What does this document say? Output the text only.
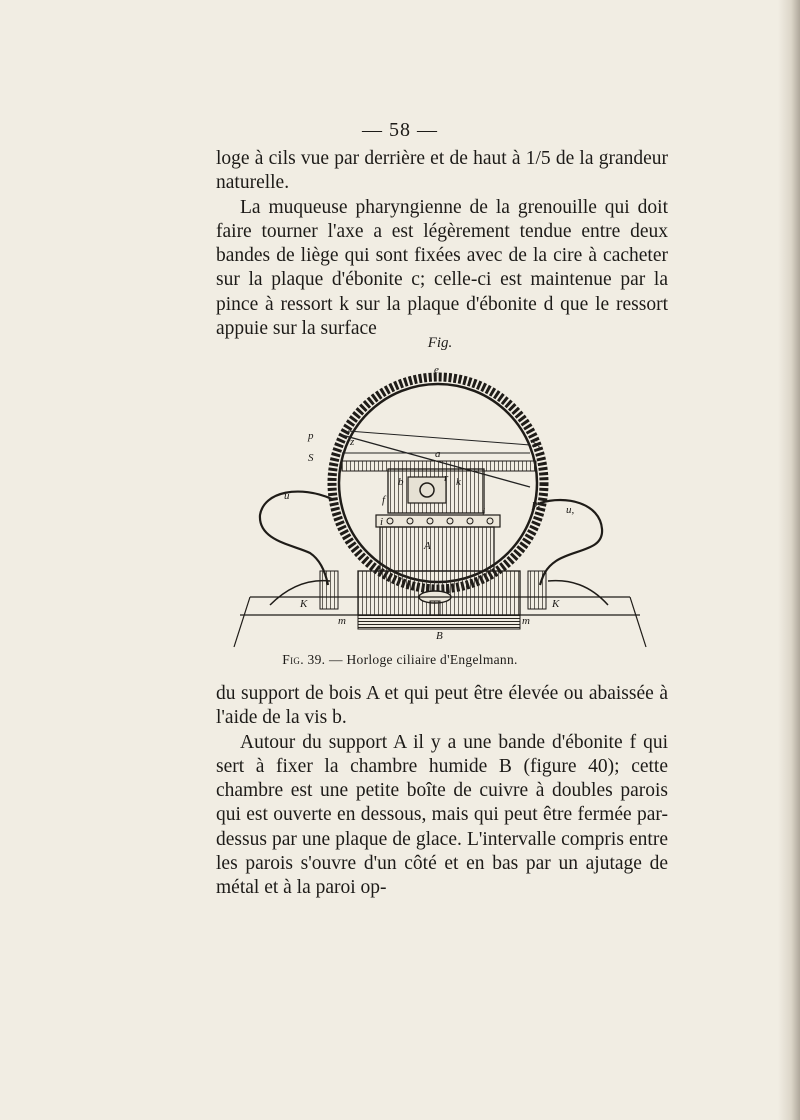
— 58 —

loge à cils vue par derrière et de haut à 1/5 de la grandeur naturelle.

La muqueuse pharyngienne de la grenouille qui doit faire tourner l'axe a est légèrement tendue entre deux bandes de liège qui sont fixées avec de la cire à cacheter sur la plaque d'ébonite c; celle-ci est maintenue par la pince à ressort k sur la plaque d'ébonite d que le ressort appuie sur la surface

Fig.
e
p
S
z
a
S,
u
b
f
k
r
p, u,
i
i
A
K	K
m	m
B
Fig. 39. — Horloge ciliaire d'Engelmann.

du support de bois A et qui peut être élevée ou abaissée à l'aide de la vis b.

Autour du support A il y a une bande d'ébonite f qui sert à fixer la chambre humide B (figure 40); cette chambre est une petite boîte de cuivre à doubles parois qui est ouverte en dessous, mais qui peut être fermée par-dessus par une plaque de glace. L'intervalle compris entre les parois s'ouvre d'un côté et en bas par un ajutage de métal et à la paroi op-
